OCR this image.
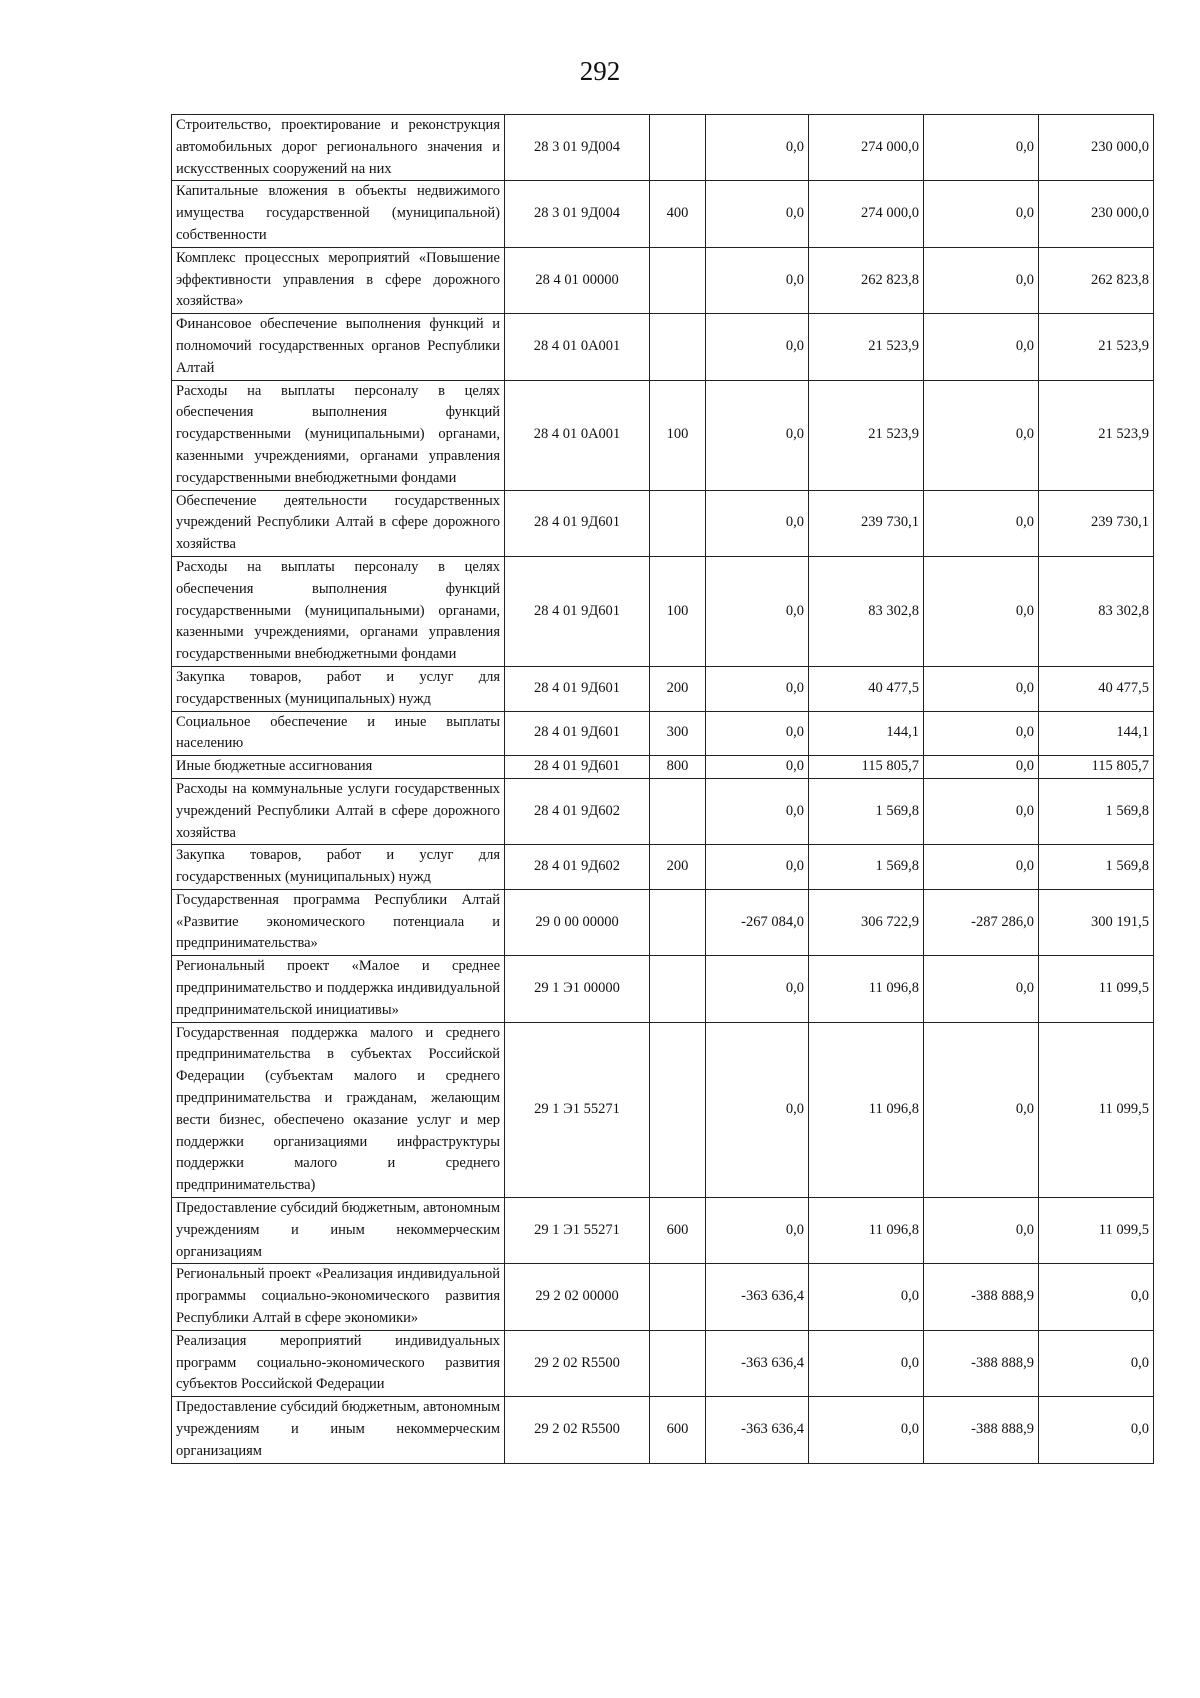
292
Строительство, проектирование и реконструкция автомобильных дорог регионального значения и искусственных сооружений на них	28 3 01 9Д004		0,0	274 000,0	0,0	230 000,0
Капитальные вложения в объекты недвижимого имущества государственной (муниципальной) собственности	28 3 01 9Д004	400	0,0	274 000,0	0,0	230 000,0
Комплекс процессных мероприятий «Повышение эффективности управления в сфере дорожного хозяйства»	28 4 01 00000		0,0	262 823,8	0,0	262 823,8
Финансовое обеспечение выполнения функций и полномочий государственных органов Республики Алтай	28 4 01 0А001		0,0	21 523,9	0,0	21 523,9
Расходы на выплаты персоналу в целях обеспечения выполнения функций государственными (муниципальными) органами, казенными учреждениями, органами управления государственными внебюджетными фондами	28 4 01 0А001	100	0,0	21 523,9	0,0	21 523,9
Обеспечение деятельности государственных учреждений Республики Алтай в сфере дорожного хозяйства	28 4 01 9Д601		0,0	239 730,1	0,0	239 730,1
Расходы на выплаты персоналу в целях обеспечения выполнения функций государственными (муниципальными) органами, казенными учреждениями, органами управления государственными внебюджетными фондами	28 4 01 9Д601	100	0,0	83 302,8	0,0	83 302,8
Закупка товаров, работ и услуг для государственных (муниципальных) нужд	28 4 01 9Д601	200	0,0	40 477,5	0,0	40 477,5
Социальное обеспечение и иные выплаты населению	28 4 01 9Д601	300	0,0	144,1	0,0	144,1
Иные бюджетные ассигнования	28 4 01 9Д601	800	0,0	115 805,7	0,0	115 805,7
Расходы на коммунальные услуги государственных учреждений Республики Алтай в сфере дорожного хозяйства	28 4 01 9Д602		0,0	1 569,8	0,0	1 569,8
Закупка товаров, работ и услуг для государственных (муниципальных) нужд	28 4 01 9Д602	200	0,0	1 569,8	0,0	1 569,8
Государственная программа Республики Алтай «Развитие экономического потенциала и предпринимательства»	29 0 00 00000		-267 084,0	306 722,9	-287 286,0	300 191,5
Региональный проект «Малое и среднее предпринимательство и поддержка индивидуальной предпринимательской инициативы»	29 1 Э1 00000		0,0	11 096,8	0,0	11 099,5
Государственная поддержка малого и среднего предпринимательства в субъектах Российской Федерации (субъектам малого и среднего предпринимательства и гражданам, желающим вести бизнес, обеспечено оказание услуг и мер поддержки организациями инфраструктуры поддержки малого и среднего предпринимательства)	29 1 Э1 55271		0,0	11 096,8	0,0	11 099,5
Предоставление субсидий бюджетным, автономным учреждениям и иным некоммерческим организациям	29 1 Э1 55271	600	0,0	11 096,8	0,0	11 099,5
Региональный проект «Реализация индивидуальной программы социально-экономического развития Республики Алтай в сфере экономики»	29 2 02 00000		-363 636,4	0,0	-388 888,9	0,0
Реализация мероприятий индивидуальных программ социально-экономического развития субъектов Российской Федерации	29 2 02 R5500		-363 636,4	0,0	-388 888,9	0,0
Предоставление субсидий бюджетным, автономным учреждениям и иным некоммерческим организациям	29 2 02 R5500	600	-363 636,4	0,0	-388 888,9	0,0
